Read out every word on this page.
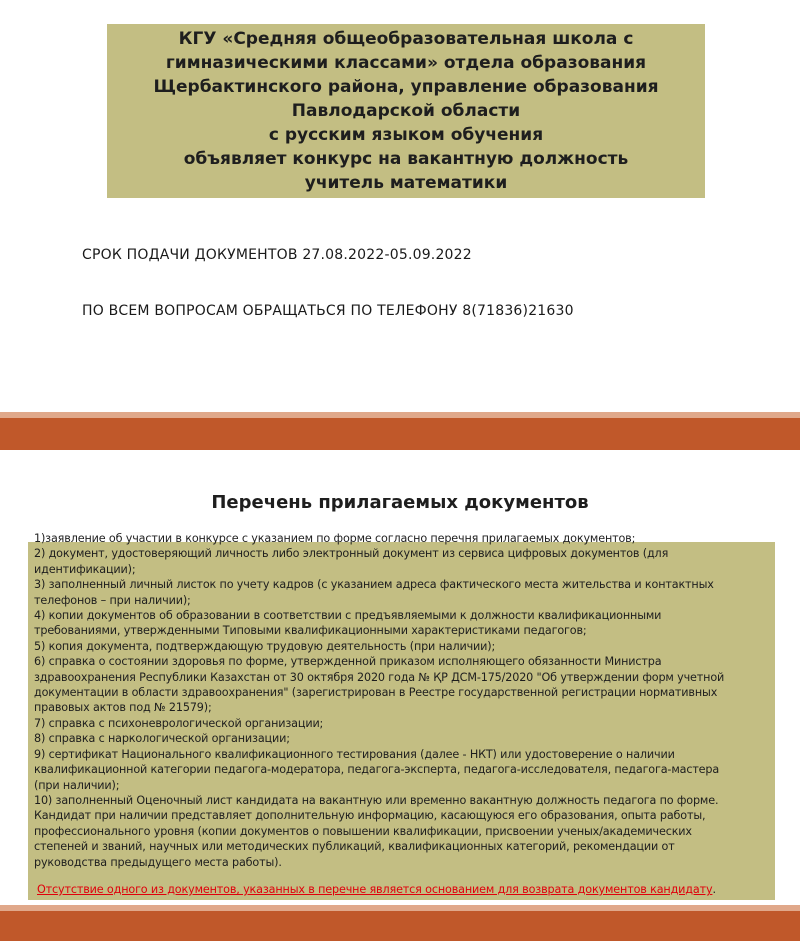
КГУ «Средняя общеобразовательная школа с
гимназическими классами» отдела образования
Щербактинского района, управление образования
Павлодарской области
с русским языком обучения
объявляет конкурс на вакантную должность
учитель математики
СРОК ПОДАЧИ ДОКУМЕНТОВ 27.08.2022-05.09.2022
ПО ВСЕМ ВОПРОСАМ ОБРАЩАТЬСЯ ПО ТЕЛЕФОНУ 8(71836)21630
Перечень прилагаемых документов
1)заявление об участии в конкурсе с указанием по форме согласно перечня прилагаемых документов;
2) документ, удостоверяющий личность либо электронный документ из сервиса цифровых документов (для
идентификации);
3) заполненный личный листок по учету кадров (с указанием адреса фактического места жительства и контактных
телефонов – при наличии);
4) копии документов об образовании в соответствии с предъявляемыми к должности квалификационными
требованиями, утвержденными Типовыми квалификационными характеристиками педагогов;
5) копия документа, подтверждающую трудовую деятельность (при наличии);
6) справка о состоянии здоровья по форме, утвержденной приказом исполняющего обязанности Министра
здравоохранения Республики Казахстан от 30 октября 2020 года № ҚР ДСМ-175/2020 "Об утверждении форм учетной
документации в области здравоохранения" (зарегистрирован в Реестре государственной регистрации нормативных
правовых актов под № 21579);
7) справка с психоневрологической организации;
8) справка с наркологической организации;
9) сертификат Национального квалификационного тестирования (далее - НКТ) или удостоверение о наличии
квалификационной категории педагога-модератора, педагога-эксперта, педагога-исследователя, педагога-мастера
(при наличии);
10) заполненный Оценочный лист кандидата на вакантную или временно вакантную должность педагога по форме.
Кандидат при наличии представляет дополнительную информацию, касающуюся его образования, опыта работы,
профессионального уровня (копии документов о повышении квалификации, присвоении ученых/академических
степеней и званий, научных или методических публикаций, квалификационных категорий, рекомендации от
руководства предыдущего места работы).
Отсутствие одного из документов, указанных в перечне является основанием для возврата документов кандидату.
